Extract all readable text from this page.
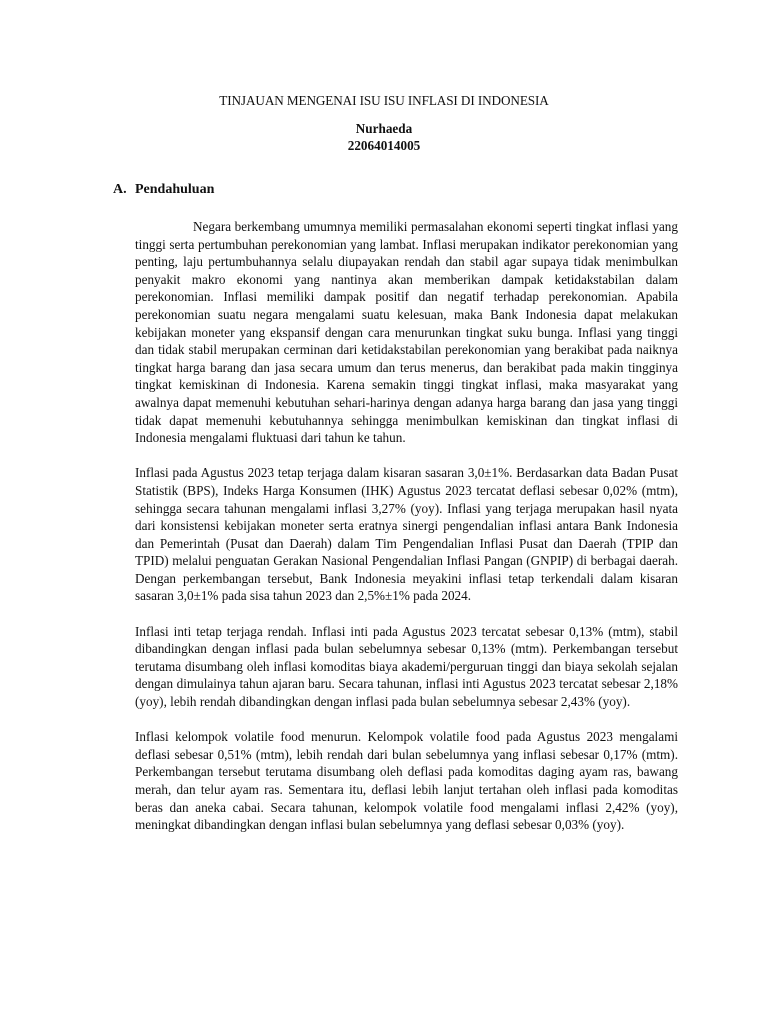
TINJAUAN MENGENAI ISU ISU INFLASI DI INDONESIA
Nurhaeda
22064014005
A. Pendahuluan

Negara berkembang umumnya memiliki permasalahan ekonomi seperti tingkat inflasi yang tinggi serta pertumbuhan perekonomian yang lambat. Inflasi merupakan indikator perekonomian yang penting, laju pertumbuhannya selalu diupayakan rendah dan stabil agar supaya tidak menimbulkan penyakit makro ekonomi yang nantinya akan memberikan dampak ketidakstabilan dalam perekonomian. Inflasi memiliki dampak positif dan negatif terhadap perekonomian. Apabila perekonomian suatu negara mengalami suatu kelesuan, maka Bank Indonesia dapat melakukan kebijakan moneter yang ekspansif dengan cara menurunkan tingkat suku bunga. Inflasi yang tinggi dan tidak stabil merupakan cerminan dari ketidakstabilan perekonomian yang berakibat pada naiknya tingkat harga barang dan jasa secara umum dan terus menerus, dan berakibat pada makin tingginya tingkat kemiskinan di Indonesia. Karena semakin tinggi tingkat inflasi, maka masyarakat yang awalnya dapat memenuhi kebutuhan sehari-harinya dengan adanya harga barang dan jasa yang tinggi tidak dapat memenuhi kebutuhannya sehingga menimbulkan kemiskinan dan tingkat inflasi di Indonesia mengalami fluktuasi dari tahun ke tahun.

Inflasi pada Agustus 2023 tetap terjaga dalam kisaran sasaran 3,0±1%. Berdasarkan data Badan Pusat Statistik (BPS), Indeks Harga Konsumen (IHK) Agustus 2023 tercatat deflasi sebesar 0,02% (mtm), sehingga secara tahunan mengalami inflasi 3,27% (yoy). Inflasi yang terjaga merupakan hasil nyata dari konsistensi kebijakan moneter serta eratnya sinergi pengendalian inflasi antara Bank Indonesia dan Pemerintah (Pusat dan Daerah) dalam Tim Pengendalian Inflasi Pusat dan Daerah (TPIP dan TPID) melalui penguatan Gerakan Nasional Pengendalian Inflasi Pangan (GNPIP) di berbagai daerah. Dengan perkembangan tersebut, Bank Indonesia meyakini inflasi tetap terkendali dalam kisaran sasaran 3,0±1% pada sisa tahun 2023 dan 2,5%±1% pada 2024.

Inflasi inti tetap terjaga rendah. Inflasi inti pada Agustus 2023 tercatat sebesar 0,13% (mtm), stabil dibandingkan dengan inflasi pada bulan sebelumnya sebesar 0,13% (mtm). Perkembangan tersebut terutama disumbang oleh inflasi komoditas biaya akademi/perguruan tinggi dan biaya sekolah sejalan dengan dimulainya tahun ajaran baru. Secara tahunan, inflasi inti Agustus 2023 tercatat sebesar 2,18% (yoy), lebih rendah dibandingkan dengan inflasi pada bulan sebelumnya sebesar 2,43% (yoy).

Inflasi kelompok volatile food menurun. Kelompok volatile food pada Agustus 2023 mengalami deflasi sebesar 0,51% (mtm), lebih rendah dari bulan sebelumnya yang inflasi sebesar 0,17% (mtm). Perkembangan tersebut terutama disumbang oleh deflasi pada komoditas daging ayam ras, bawang merah, dan telur ayam ras. Sementara itu, deflasi lebih lanjut tertahan oleh inflasi pada komoditas beras dan aneka cabai. Secara tahunan, kelompok volatile food mengalami inflasi 2,42% (yoy), meningkat dibandingkan dengan inflasi bulan sebelumnya yang deflasi sebesar 0,03% (yoy).
